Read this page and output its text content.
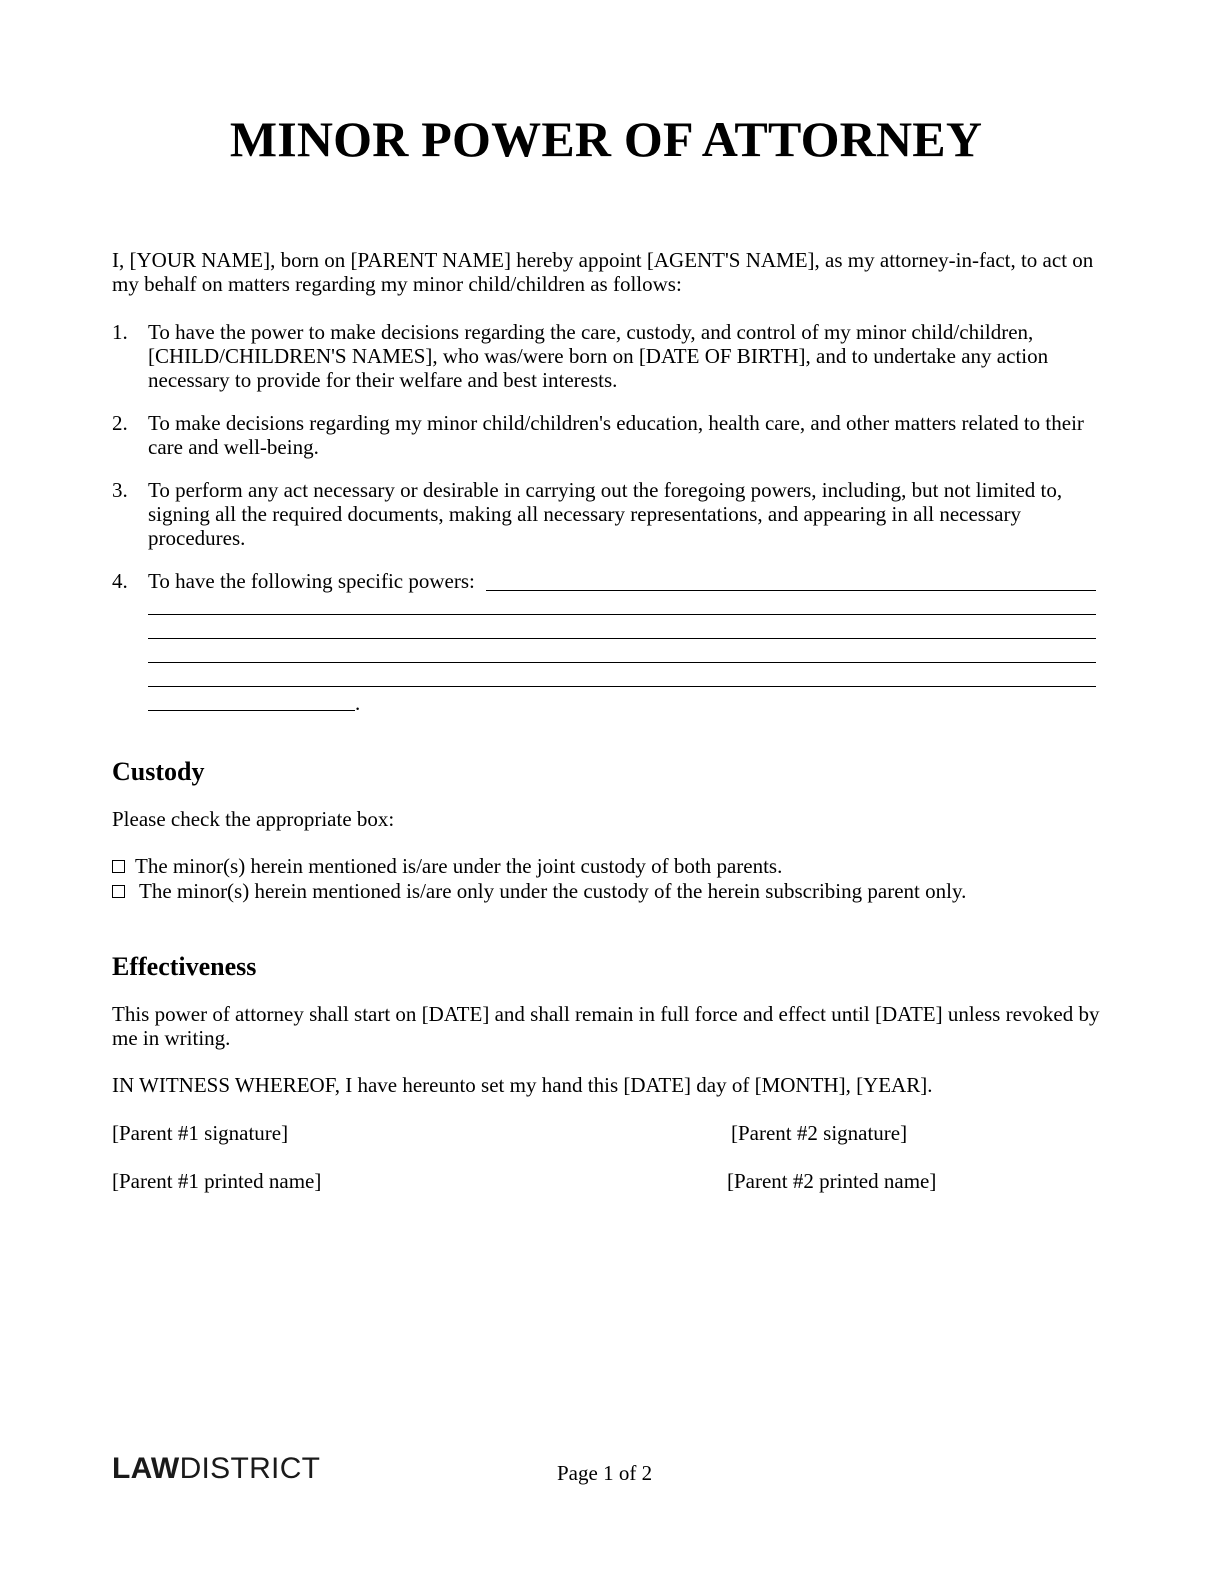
MINOR POWER OF ATTORNEY
I, [YOUR NAME], born on [PARENT NAME] hereby appoint [AGENT'S NAME], as my attorney-in-fact, to act on my behalf on matters regarding my minor child/children as follows:
1. To have the power to make decisions regarding the care, custody, and control of my minor child/children, [CHILD/CHILDREN'S NAMES], who was/were born on [DATE OF BIRTH], and to undertake any action necessary to provide for their welfare and best interests.
2. To make decisions regarding my minor child/children's education, health care, and other matters related to their care and well-being.
3. To perform any act necessary or desirable in carrying out the foregoing powers, including, but not limited to, signing all the required documents, making all necessary representations, and appearing in all necessary procedures.
4. To have the following specific powers:
.
Custody
Please check the appropriate box:
The minor(s) herein mentioned is/are under the joint custody of both parents.
The minor(s) herein mentioned is/are only under the custody of the herein subscribing parent only.
Effectiveness
This power of attorney shall start on [DATE] and shall remain in full force and effect until [DATE] unless revoked by me in writing.
IN WITNESS WHEREOF, I have hereunto set my hand this [DATE] day of [MONTH], [YEAR].
[Parent #1 signature]	[Parent #2 signature]
[Parent #1 printed name]	[Parent #2 printed name]
LAWDISTRICT	Page 1 of 2
